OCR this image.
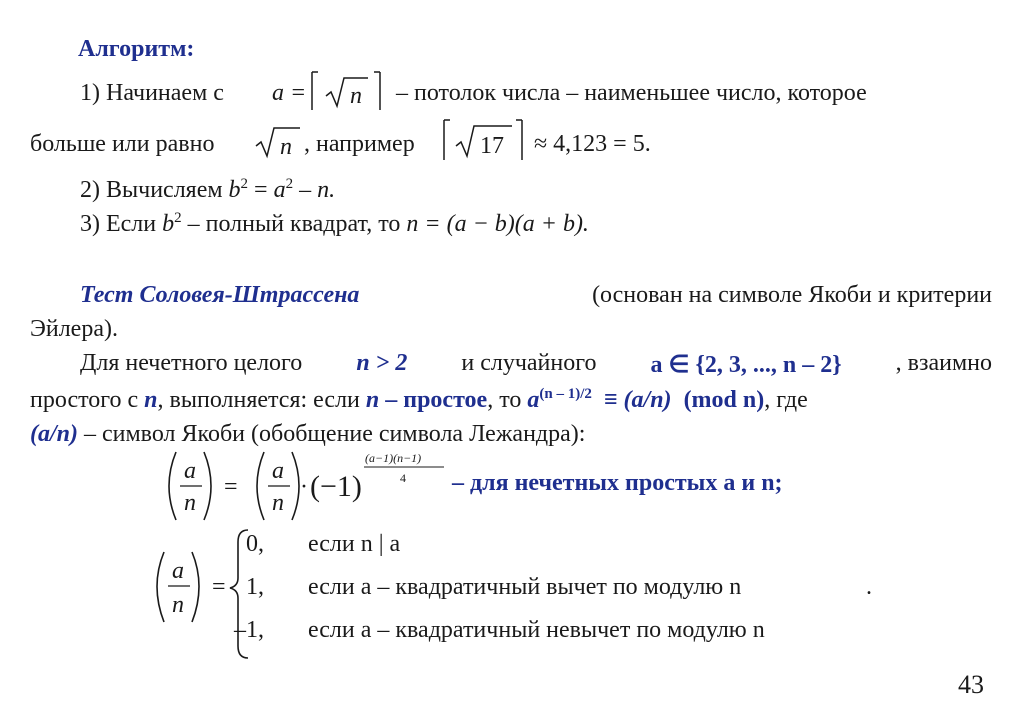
Алгоритм:
1) Начинаем с a = n – потолок числа – наименьшее число, которое
больше или равно	n , например	17 ≈ 4,123 = 5.
2) Вычисляем $b^2 = a^2 - n$.
3) Если $b^2$ – полный квадрат, то n = (a − b)(a + b).
Тест Соловея-Штрассена	(основан на символе Якоби и критерии
Эйлера).
Для нечетного целого n > 2 и случайного a ∈ {2, 3, ..., n – 2} , взаимно
простого с n, выполняется: если n – простое, то $a^{(n - 1)/2} \equiv (a/n)$ (mod n), где
(a/n) – символ Якоби (обобщение символа Лежандра):
a
n
=
a
n
· (−1)
(a−1)(n−1)
4 – для нечетных простых a и n;
a
n
=
0, если n | a
1, если a – квадратичный вычет по модулю n	.
–1, если a – квадратичный невычет по модулю n
43
